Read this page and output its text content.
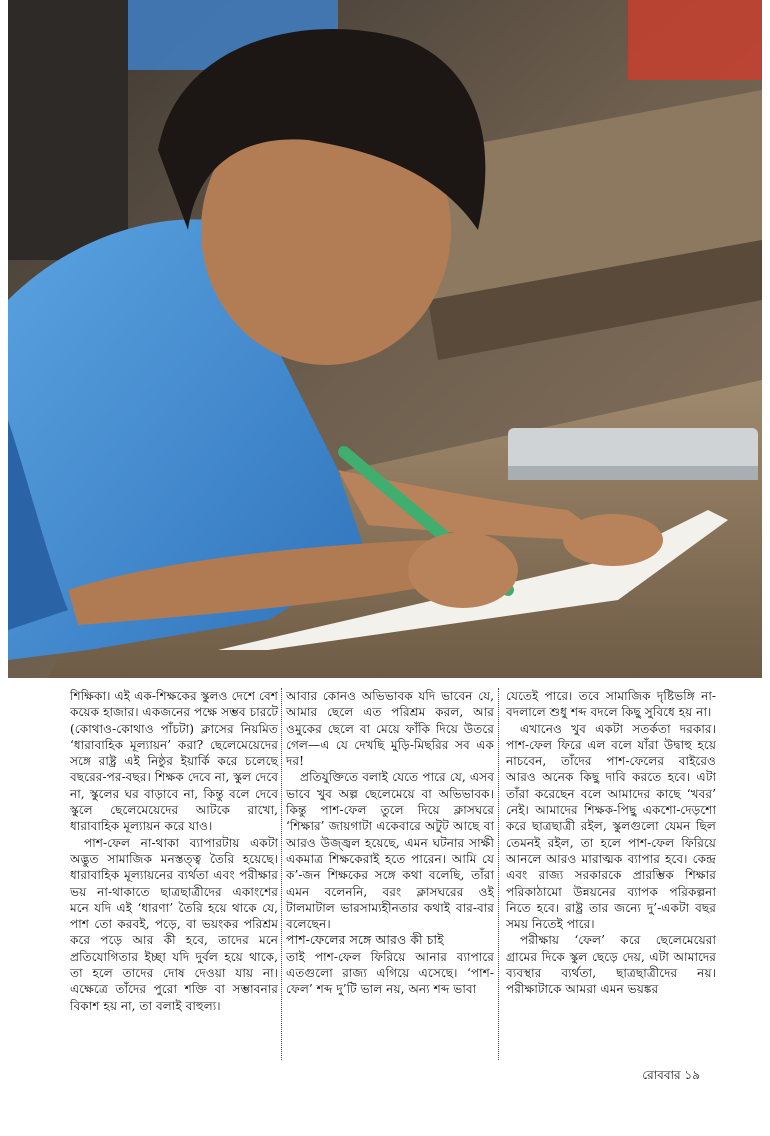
শিক্ষিকা। এই এক-শিক্ষকের স্কুলও দেশে বেশ কয়েক হাজার। একজনের পক্ষে সম্ভব চারটে (কোথাও-কোথাও পাঁচটা) ক্লাসের নিয়মিত ‘ধারাবাহিক মূল্যায়ন’ করা? ছেলেমেয়েদের সঙ্গে রাষ্ট্র এই নিষ্ঠুর ইয়ার্কি করে চলেছে বছরের-পর-বছর। শিক্ষক দেবে না, স্কুল দেবে না, স্কুলের ঘর বাড়াবে না, কিন্তু বলে দেবে স্কুলে ছেলেমেয়েদের আটকে রাখো, ধারাবাহিক মূল্যায়ন করে যাও।

পাশ-ফেল না-থাকা ব্যাপারটায় একটা অদ্ভুত সামাজিক মনস্তত্ত্ব তৈরি হয়েছে। ধারাবাহিক মূল্যায়নের ব্যর্থতা এবং পরীক্ষার ভয় না-থাকাতে ছাত্রছাত্রীদের একাংশের মনে যদি এই ‘ধারণা’ তৈরি হয়ে থাকে যে, পাশ তো করবই, পড়ে, বা ভয়ংকর পরিশ্রম করে পড়ে আর কী হবে, তাদের মনে প্রতিযোগিতার ইচ্ছা যদি দুর্বল হয়ে থাকে, তা হলে তাদের দোষ দেওয়া যায় না। এক্ষেত্রে তাঁদের পুরো শক্তি বা সম্ভাবনার বিকাশ হয় না, তা বলাই বাহুল্য।

আবার কোনও অভিভাবক যদি ভাবেন যে, আমার ছেলে এত পরিশ্রম করল, আর ওমুকের ছেলে বা মেয়ে ফাঁকি দিয়ে উতরে গেল—এ যে দেখছি মুড়ি-মিছরির সব এক দর!

প্রতিযুক্তিতে বলাই যেতে পারে যে, এসব ভাবে খুব অল্প ছেলেমেয়ে বা অভিভাবক। কিন্তু পাশ-ফেল তুলে দিয়ে ক্লাসঘরে ‘শিক্ষার’ জায়গাটা একেবারে অটুট আছে বা আরও উজ্জ্বল হয়েছে, এমন ঘটনার সাক্ষী একমাত্র শিক্ষকেরাই হতে পারেন। আমি যে ক’-জন শিক্ষকের সঙ্গে কথা বলেছি, তাঁরা এমন বলেননি, বরং ক্লাসঘরের ওই টালমাটাল ভারসাম্যহীনতার কথাই বার-বার বলেছেন।

পাশ-ফেলের সঙ্গে আরও কী চাই

তাই পাশ-ফেল ফিরিয়ে আনার ব্যাপারে এতগুলো রাজ্য এগিয়ে এসেছে। ‘পাশ-ফেল’ শব্দ দু’টি ভাল নয়, অন্য শব্দ ভাবা

যেতেই পারে। তবে সামাজিক দৃষ্টিভঙ্গি না-বদলালে শুধু শব্দ বদলে কিছু সুবিধে হয় না।

এখানেও খুব একটা সতর্কতা দরকার। পাশ-ফেল ফিরে এল বলে যাঁরা উদ্বাহু হয়ে নাচবেন, তাঁদের পাশ-ফেলের বাইরেও আরও অনেক কিছু দাবি করতে হবে। এটা তাঁরা করেছেন বলে আমাদের কাছে ‘খবর’ নেই। আমাদের শিক্ষক-পিছু একশো-দেড়শো করে ছাত্রছাত্রী রইল, স্কুলগুলো যেমন ছিল তেমনই রইল, তা হলে পাশ-ফেল ফিরিয়ে আনলে আরও মারাত্মক ব্যাপার হবে। কেন্দ্র এবং রাজ্য সরকারকে প্রারম্ভিক শিক্ষার পরিকাঠামো উন্নয়নের ব্যাপক পরিকল্পনা নিতে হবে। রাষ্ট্র তার জন্যে দু’-একটা বছর সময় নিতেই পারে।

পরীক্ষায় ‘ফেল’ করে ছেলেমেয়েরা গ্রামের দিকে স্কুল ছেড়ে দেয়, এটা আমাদের ব্যবস্থার ব্যর্থতা, ছাত্রছাত্রীদের নয়। পরীক্ষাটাকে আমরা এমন ভয়ঙ্কর

রোববার ১৯
